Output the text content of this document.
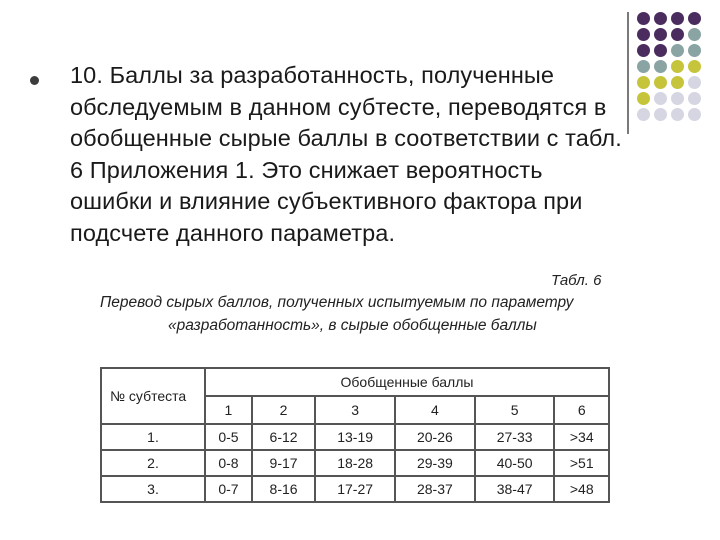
10. Баллы за разработанность, полученные обследуемым в данном субтесте, переводятся в обобщенные сырые баллы в соответствии с табл. 6 Приложения 1. Это снижает вероятность ошибки и влияние субъективного фактора при подсчете данного параметра.
Табл. 6
Перевод сырых баллов, полученных испытуемым по параметру
«разработанность», в сырые обобщенные баллы
№ субтеста	Обобщенные баллы					
	1	2	3	4	5	6
1.	0-5	6-12	13-19	20-26	27-33	>34
2.	0-8	9-17	18-28	29-39	40-50	>51
3.	0-7	8-16	17-27	28-37	38-47	>48
